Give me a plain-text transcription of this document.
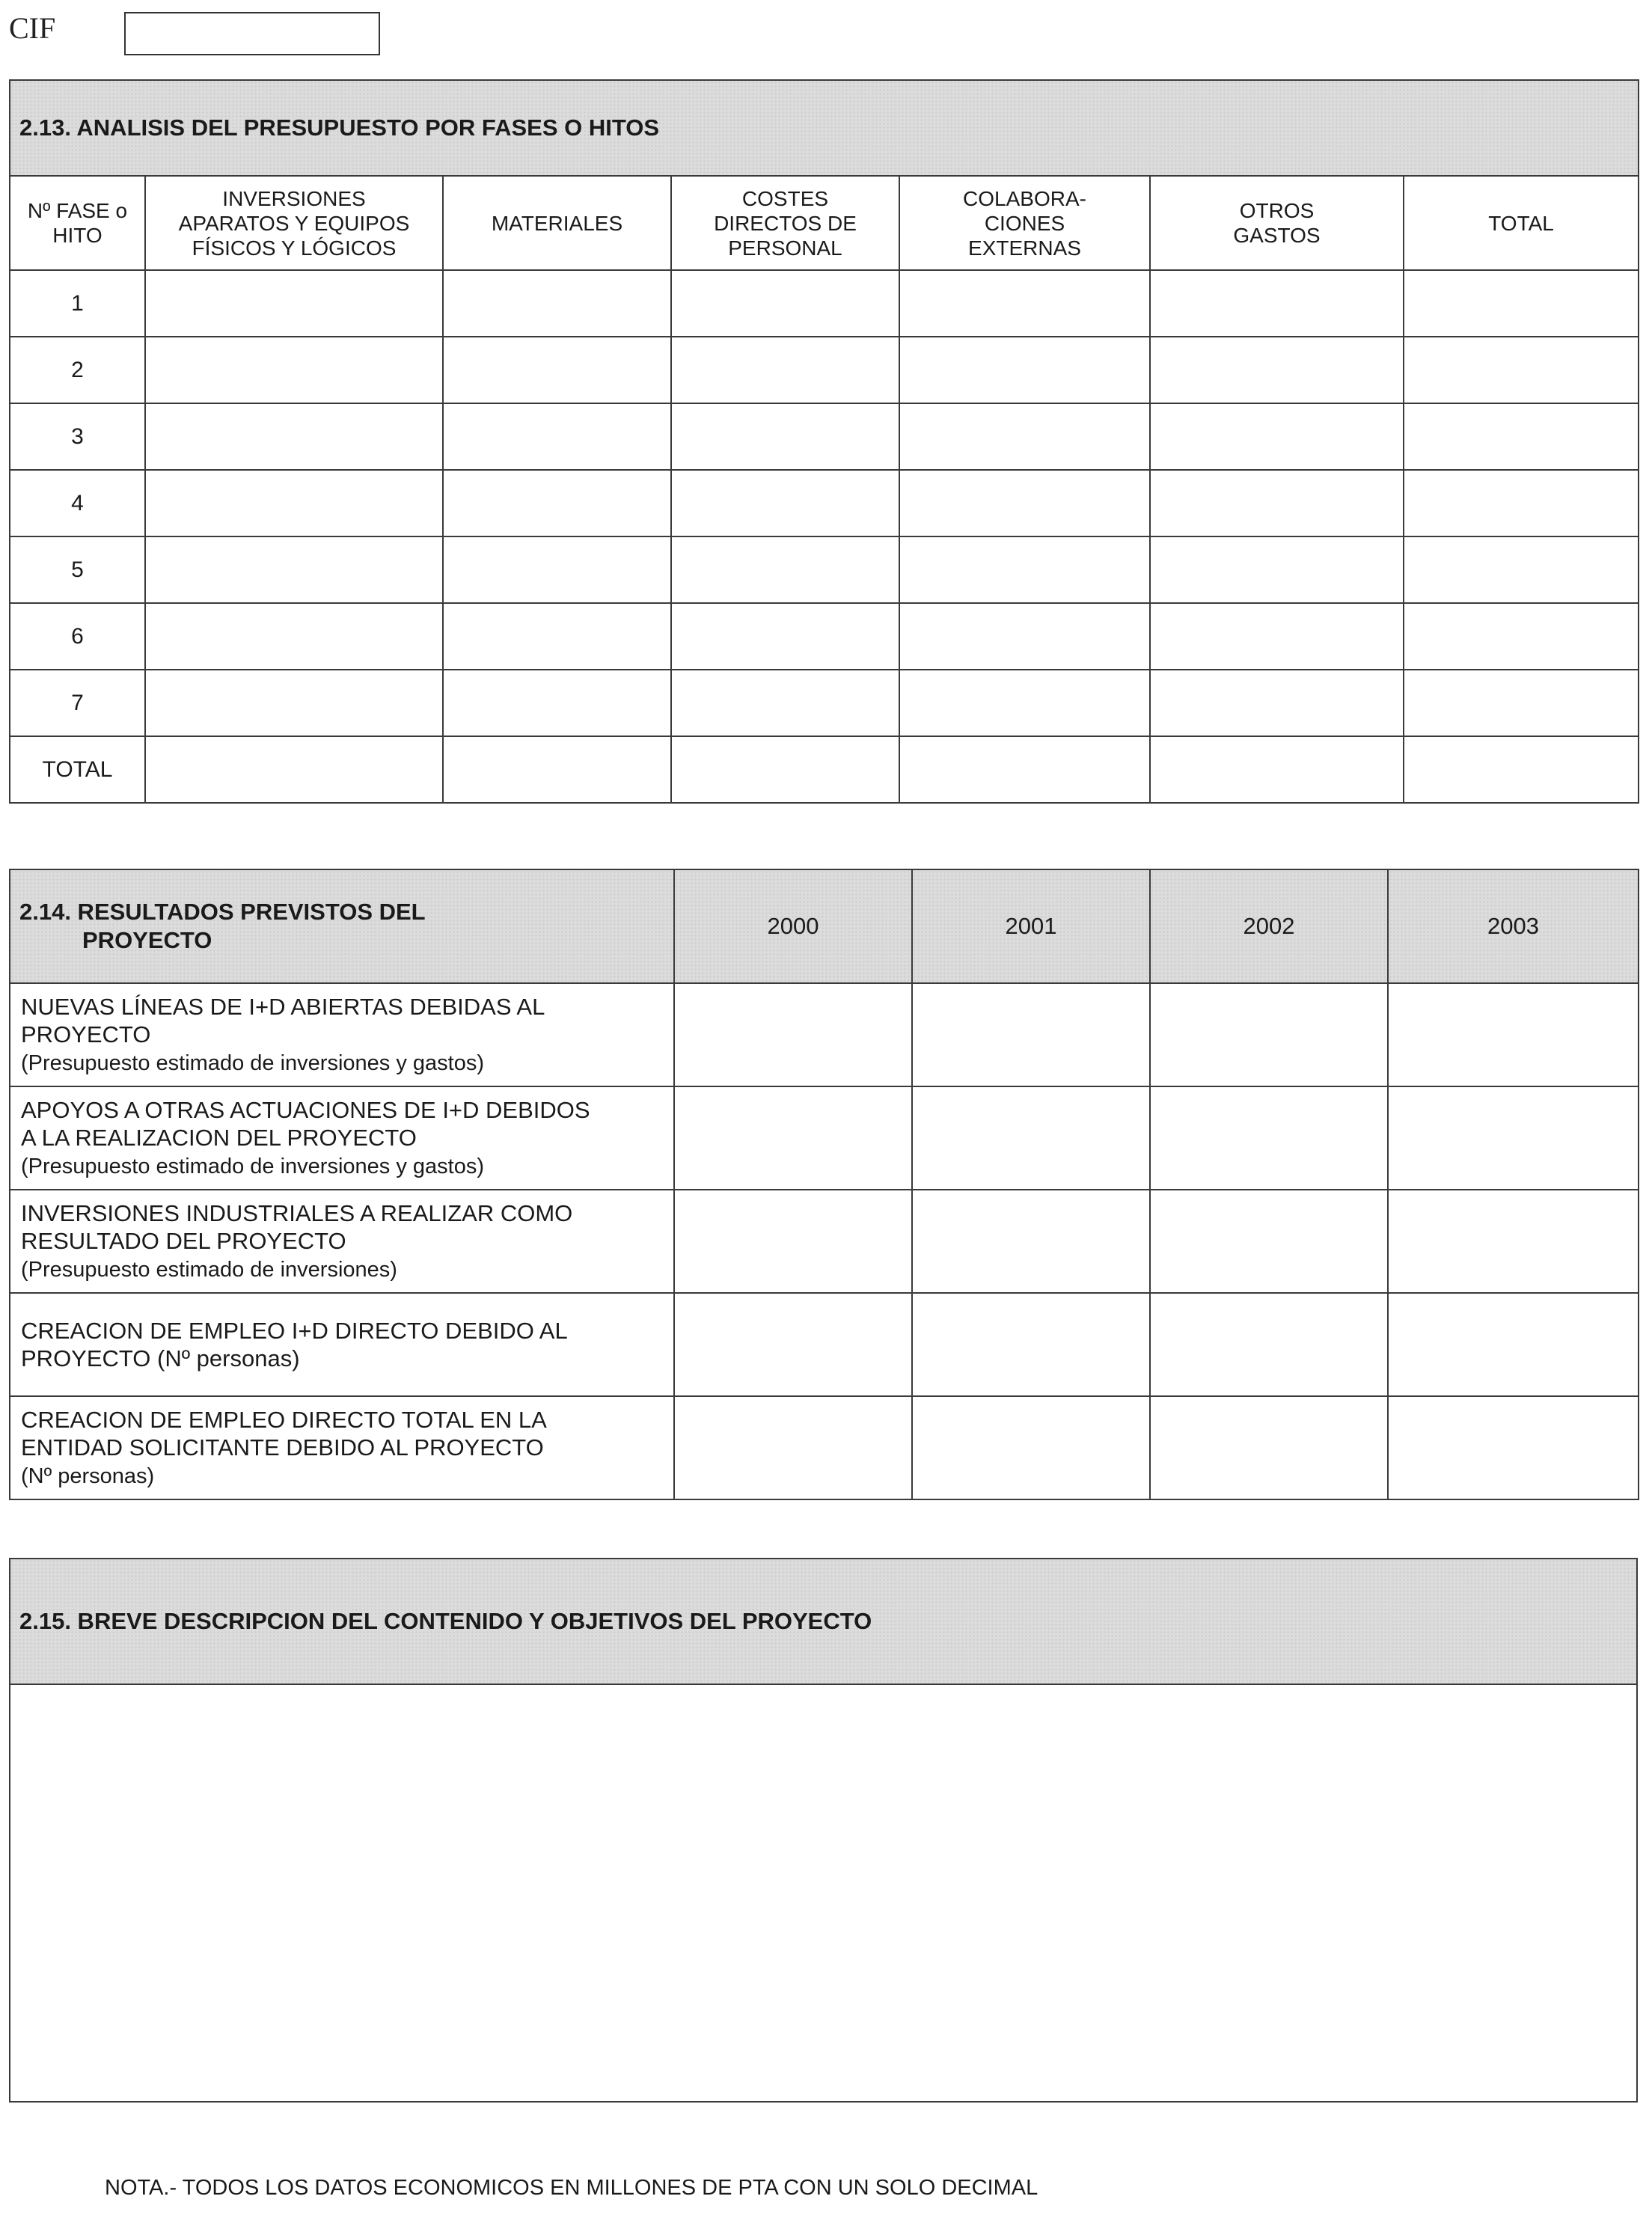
CIF
2.13. ANALISIS DEL PRESUPUESTO POR FASES O HITOS						
Nº FASE o
HITO	INVERSIONES
APARATOS Y EQUIPOS
FÍSICOS Y LÓGICOS	MATERIALES	COSTES
DIRECTOS DE
PERSONAL	COLABORA-
CIONES
EXTERNAS	OTROS
GASTOS	TOTAL
1						
2						
3						
4						
5						
6						
7						
TOTAL						
2.14. RESULTADOS PREVISTOS DEL
PROYECTO	2000	2001	2002	2003
NUEVAS LÍNEAS DE I+D ABIERTAS DEBIDAS AL
PROYECTO
(Presupuesto estimado de inversiones y gastos)				
APOYOS A OTRAS ACTUACIONES DE I+D DEBIDOS
A LA REALIZACION DEL PROYECTO
(Presupuesto estimado de inversiones y gastos)				
INVERSIONES INDUSTRIALES A REALIZAR COMO
RESULTADO DEL PROYECTO
(Presupuesto estimado de inversiones)				
CREACION DE EMPLEO I+D DIRECTO DEBIDO AL
PROYECTO (Nº personas)				
CREACION DE EMPLEO DIRECTO TOTAL EN LA
ENTIDAD SOLICITANTE DEBIDO AL PROYECTO
(Nº personas)				
2.15. BREVE DESCRIPCION DEL CONTENIDO Y OBJETIVOS DEL PROYECTO

NOTA.- TODOS LOS DATOS ECONOMICOS EN MILLONES DE PTA CON UN SOLO DECIMAL
